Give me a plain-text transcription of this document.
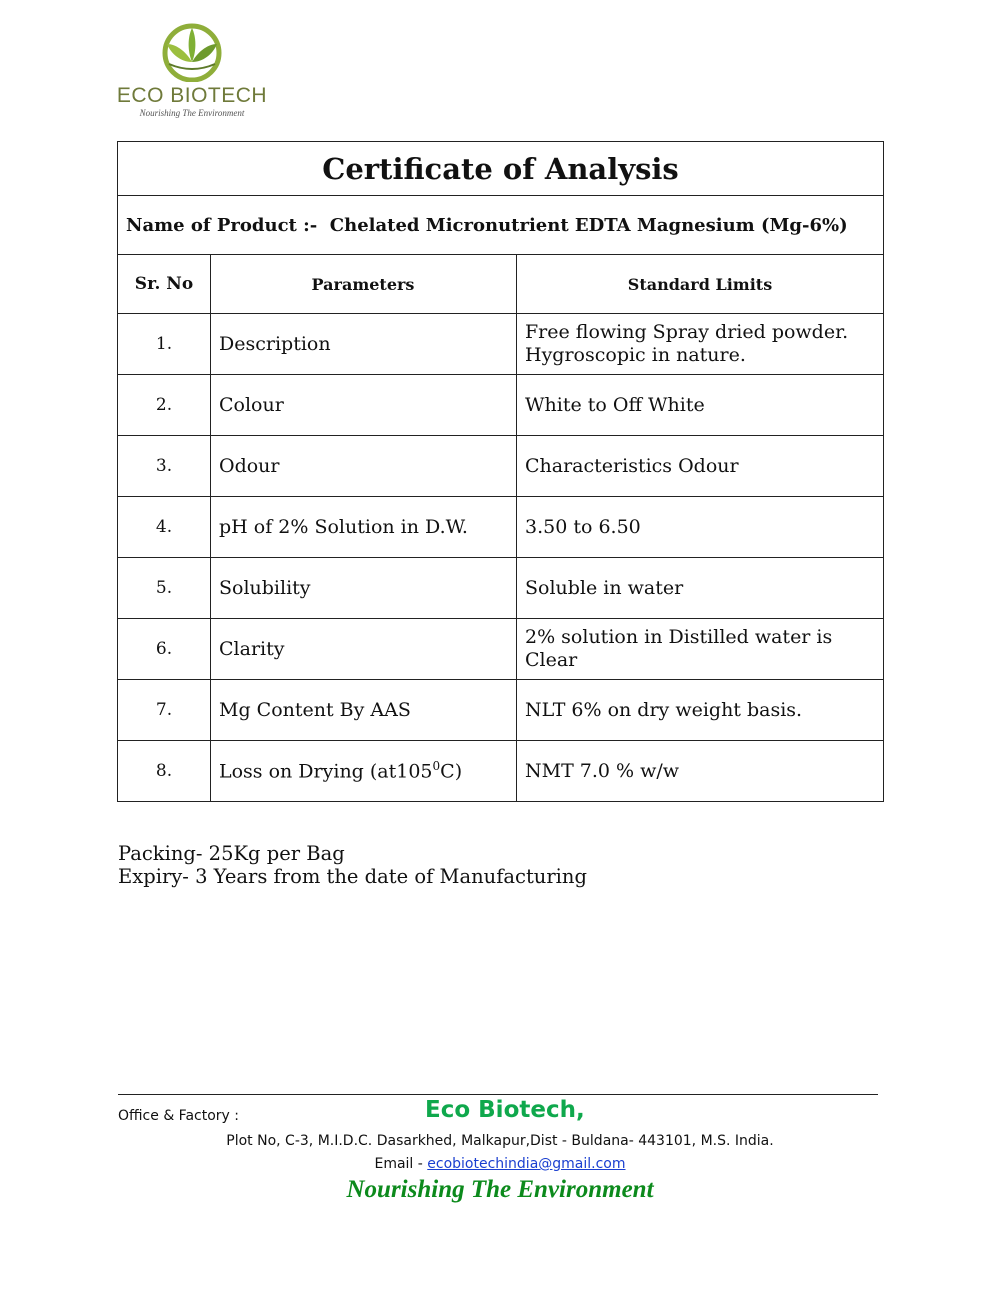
ECO BIOTECH
Nourishing The Environment
Certificate of Analysis		
Name of Product :- Chelated Micronutrient EDTA Magnesium (Mg-6%)		
Sr. No	Parameters	Standard Limits
1.	Description	Free flowing Spray dried powder.
Hygroscopic in nature.

2.	Colour	White to Off White
3.	Odour	Characteristics Odour
4.	pH of 2% Solution in D.W.	3.50 to 6.50
5.	Solubility	Soluble in water
6.	Clarity	2% solution in Distilled water is
Clear

7.	Mg Content By AAS	NLT 6% on dry weight basis.
8.	Loss on Drying $(at105^0C)$	NMT 7.0 % w/w
Packing- 25Kg per Bag
Expiry- 3 Years from the date of Manufacturing
Office & Factory :	Eco Biotech,
Plot No, C-3, M.I.D.C. Dasarkhed, Malkapur,Dist - Buldana- 443101, M.S. India.
Email - ecobiotechindia@gmail.com
Nourishing The Environment
